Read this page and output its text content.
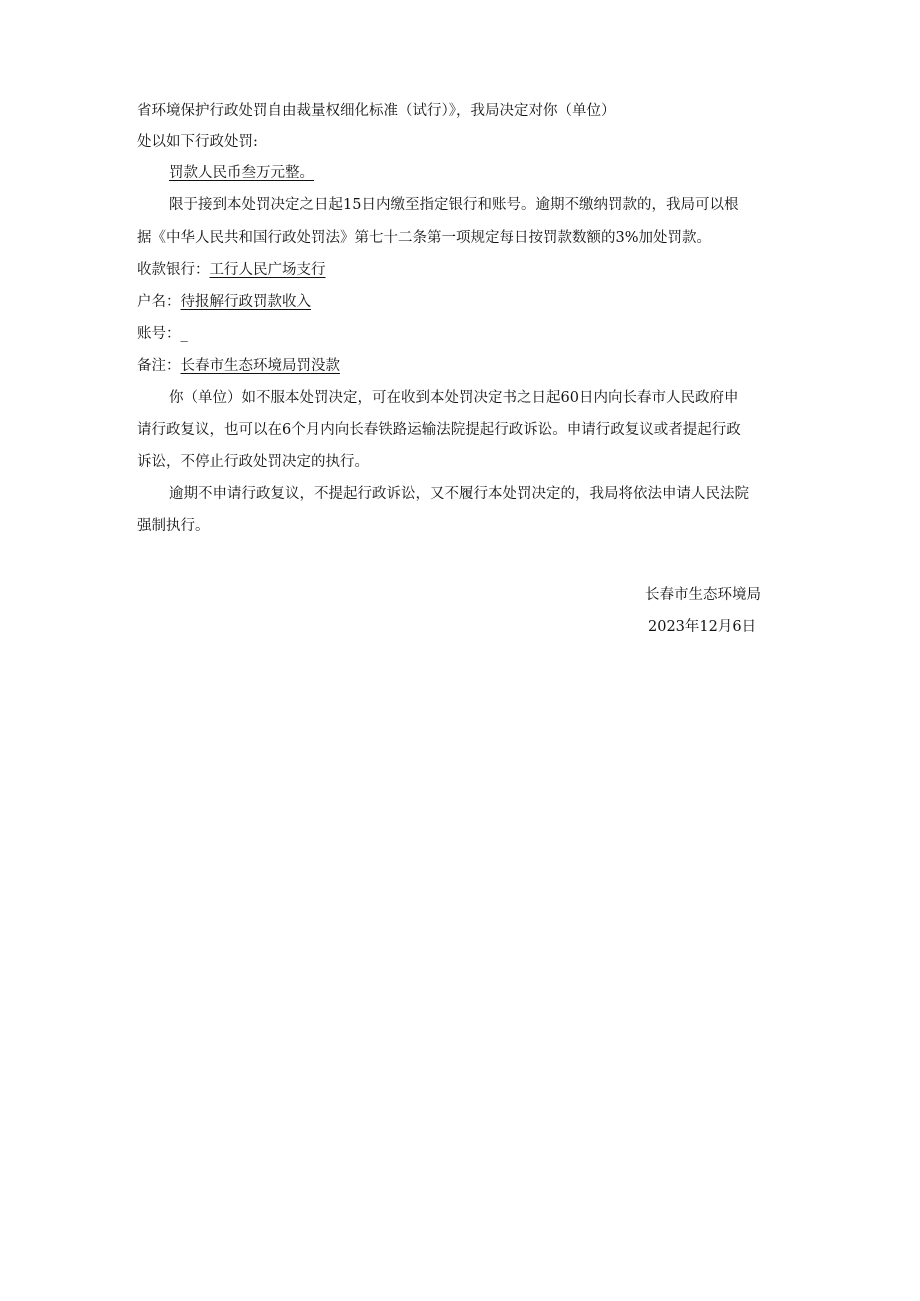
省环境保护行政处罚自由裁量权细化标准（试行）》，我局决定对你（单位）
处以如下行政处罚:
罚款人民币叁万元整。
限于接到本处罚决定之日起15日内缴至指定银行和账号。逾期不缴纳罚款的，我局可以根
据《中华人民共和国行政处罚法》第七十二条第一项规定每日按罚款数额的3%加处罚款。
收款银行：工行人民广场支行
户名：待报解行政罚款收入
账号：_
备注：长春市生态环境局罚没款
你（单位）如不服本处罚决定，可在收到本处罚决定书之日起60日内向长春市人民政府申
请行政复议，也可以在6个月内向长春铁路运输法院提起行政诉讼。申请行政复议或者提起行政
诉讼，不停止行政处罚决定的执行。
逾期不申请行政复议，不提起行政诉讼，又不履行本处罚决定的，我局将依法申请人民法院
强制执行。
长春市生态环境局
2023年12月6日
